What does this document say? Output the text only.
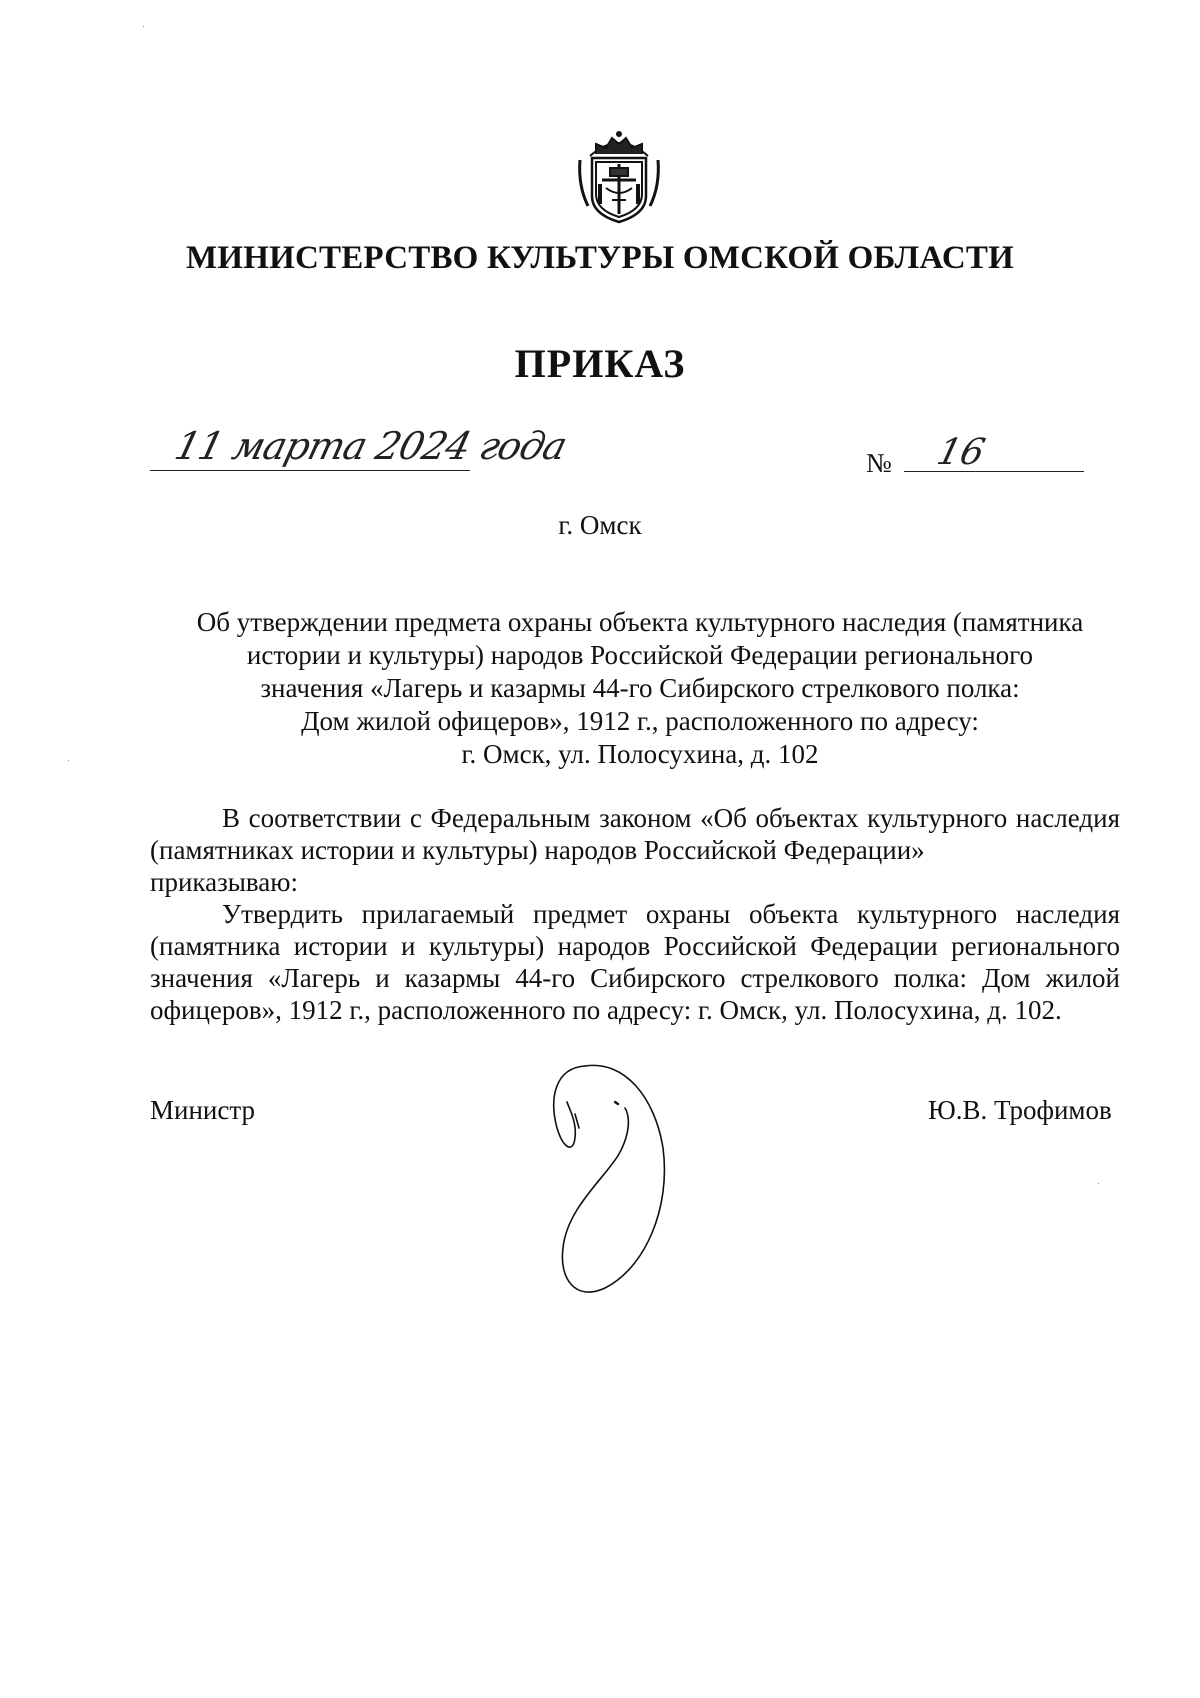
МИНИСТЕРСТВО КУЛЬТУРЫ ОМСКОЙ ОБЛАСТИ
ПРИКАЗ
11 марта 2024 года	№ 16
г. Омск
Об утверждении предмета охраны объекта культурного наследия (памятника
истории и культуры) народов Российской Федерации регионального
значения «Лагерь и казармы 44-го Сибирского стрелкового полка:
Дом жилой офицеров», 1912 г., расположенного по адресу:
г. Омск, ул. Полосухина, д. 102

В соответствии с Федеральным законом «Об объектах культурного наследия (памятниках истории и культуры) народов Российской Федерации»

приказываю:

Утвердить прилагаемый предмет охраны объекта культурного наследия (памятника истории и культуры) народов Российской Федерации регионального значения «Лагерь и казармы 44-го Сибирского стрелкового полка: Дом жилой офицеров», 1912 г., расположенного по адресу: г. Омск, ул. Полосухина, д. 102.

Министр	Ю.В. Трофимов
